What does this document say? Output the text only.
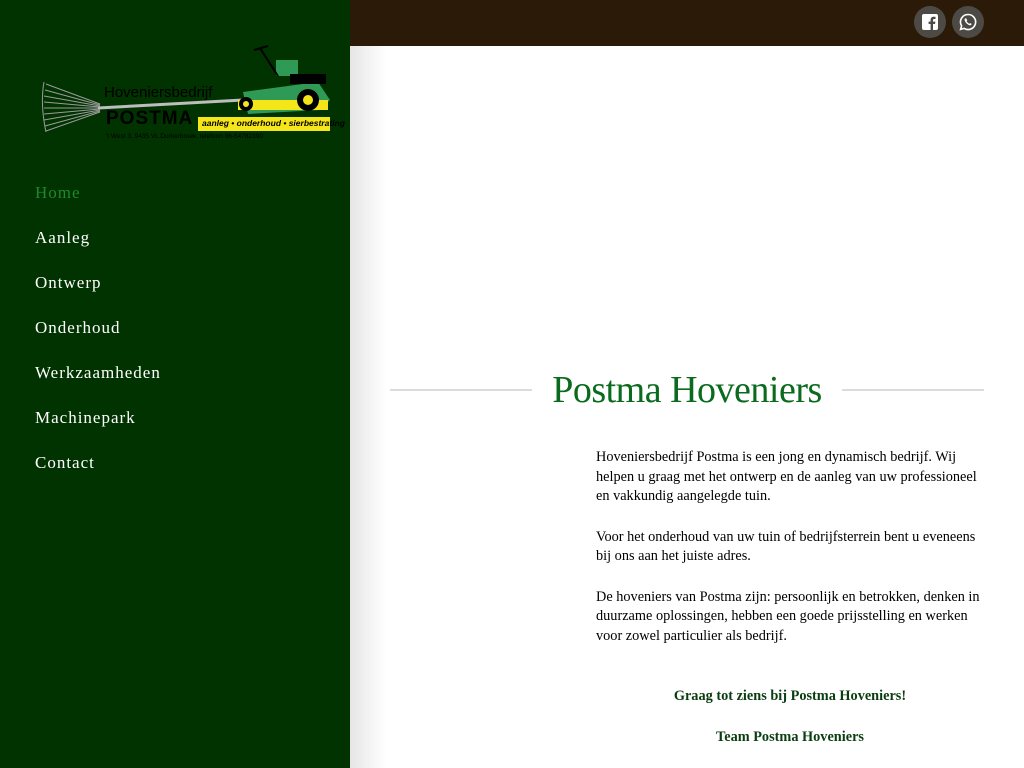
Hoveniersbedrijf
POSTMA aanleg • onderhoud • sierbestrating
't West 3, 9435 VL Dorkerbroek, telefoon 06-54782390
Home
Aanleg
Ontwerp
Onderhoud
Werkzaamheden
Machinepark
Contact
Postma Hoveniers

Hoveniersbedrijf Postma is een jong en dynamisch bedrijf. Wij helpen u graag met het ontwerp en de aanleg van uw professioneel en vakkundig aangelegde tuin.

Voor het onderhoud van uw tuin of bedrijfsterrein bent u eveneens bij ons aan het juiste adres.

De hoveniers van Postma zijn: persoonlijk en betrokken, denken in duurzame oplossingen, hebben een goede prijsstelling en werken voor zowel particulier als bedrijf.

Graag tot ziens bij Postma Hoveniers!
Team Postma Hoveniers
